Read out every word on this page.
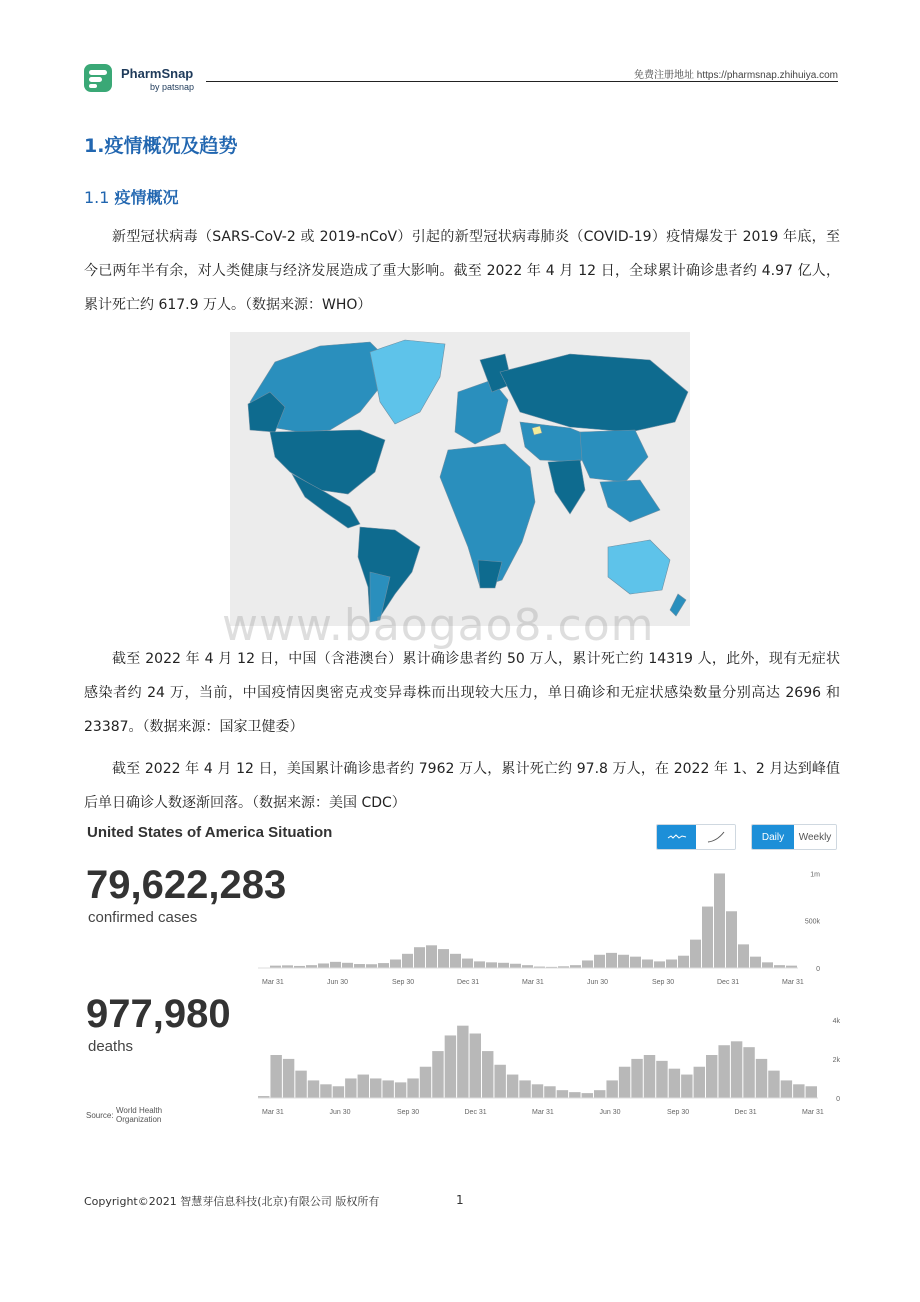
PharmSnap
by patsnap
免费注册地址 https://pharmsnap.zhihuiya.com
1.疫情概况及趋势
1.1 疫情概况
新型冠状病毒（SARS-CoV-2 或 2019-nCoV）引起的新型冠状病毒肺炎（COVID-19）疫情爆发于 2019 年底，至今已两年半有余，对人类健康与经济发展造成了重大影响。截至 2022 年 4 月 12 日，全球累计确诊患者约 4.97 亿人，累计死亡约 617.9 万人。（数据来源：WHO）
www.baogao8.com
截至 2022 年 4 月 12 日，中国（含港澳台）累计确诊患者约 50 万人，累计死亡约 14319 人，此外，现有无症状感染者约 24 万，当前，中国疫情因奥密克戎变异毒株而出现较大压力，单日确诊和无症状感染数量分别高达 2696 和 23387。（数据来源：国家卫健委）
截至 2022 年 4 月 12 日，美国累计确诊患者约 7962 万人，累计死亡约 97.8 万人，在 2022 年 1、2 月达到峰值后单日确诊人数逐渐回落。（数据来源：美国 CDC）
United States of America Situation	Daily	Weekly
79,622,283
confirmed cases
977,980
deaths
Source:
World Health Organization
Mar 31	Jun 30	Sep 30	Dec 31	Mar 31	Jun 30	Sep 30	Dec 31	Mar 31
0
500k
1m
Mar 31	Jun 30	Sep 30	Dec 31	Mar 31	Jun 30	Sep 30	Dec 31	Mar 31
0
2k
4k
Copyright©2021 智慧芽信息科技(北京)有限公司 版权所有	1
